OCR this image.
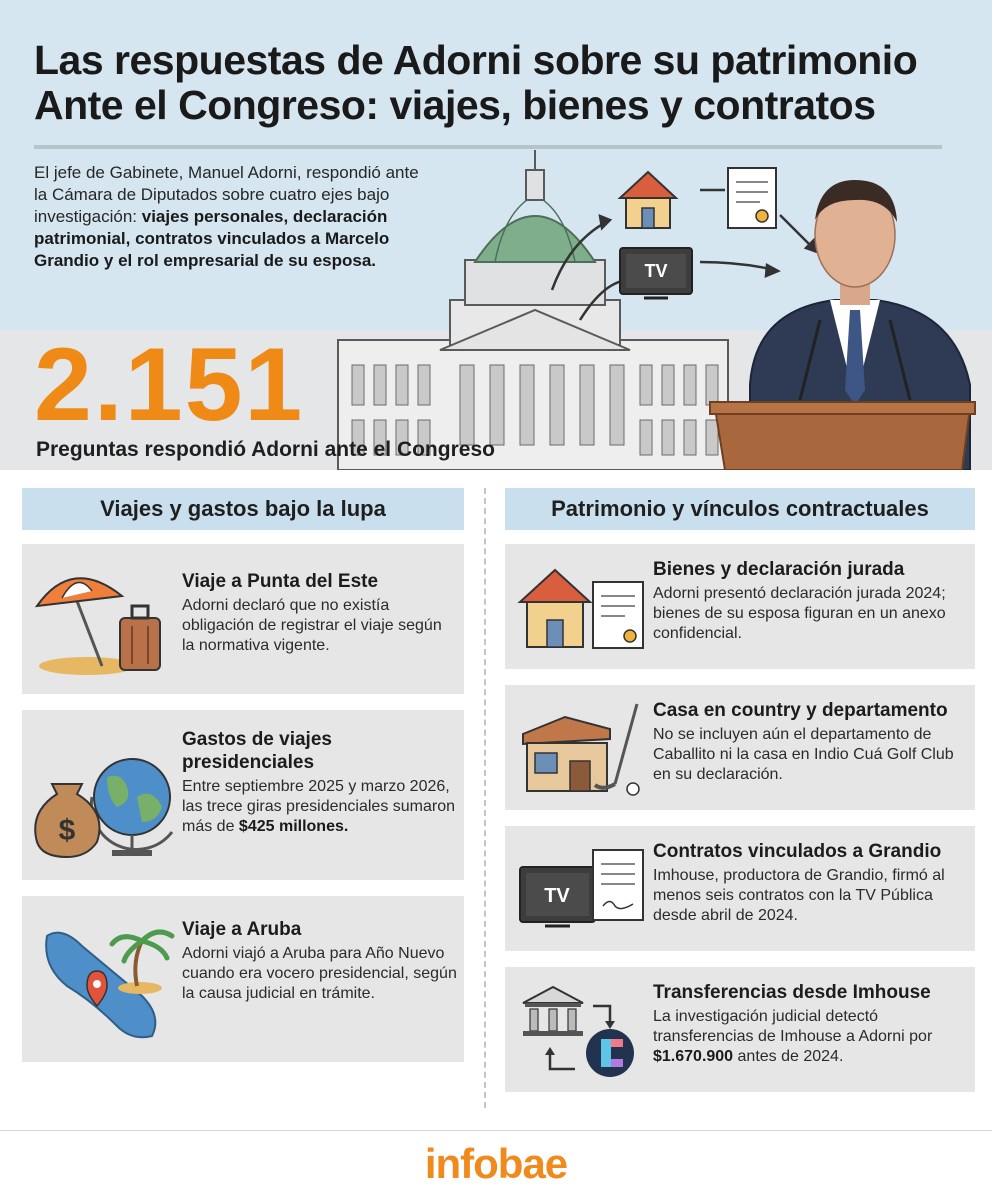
Las respuestas de Adorni sobre su patrimonio
Ante el Congreso: viajes, bienes y contratos

El jefe de Gabinete, Manuel Adorni, respondió ante la Cámara de Diputados sobre cuatro ejes bajo investigación: viajes personales, declaración patrimonial, contratos vinculados a Marcelo Grandio y el rol empresarial de su esposa.

TV
2.151
Preguntas respondió Adorni ante el Congreso
Viajes y gastos bajo la lupa
Viaje a Punta del Este

Adorni declaró que no existía obligación de registrar el viaje según la normativa vigente.

$
Gastos de viajes presidenciales

Entre septiembre 2025 y marzo 2026, las trece giras presidenciales sumaron más de $425 millones.

Viaje a Aruba

Adorni viajó a Aruba para Año Nuevo cuando era vocero presidencial, según la causa judicial en trámite.

Patrimonio y vínculos contractuales
Bienes y declaración jurada

Adorni presentó declaración jurada 2024; bienes de su esposa figuran en un anexo confidencial.

Casa en country y departamento

No se incluyen aún el departamento de Caballito ni la casa en Indio Cuá Golf Club en su declaración.

TV
Contratos vinculados a Grandio

Imhouse, productora de Grandio, firmó al menos seis contratos con la TV Pública desde abril de 2024.

Transferencias desde Imhouse

La investigación judicial detectó transferencias de Imhouse a Adorni por $1.670.900 antes de 2024.

infobae
